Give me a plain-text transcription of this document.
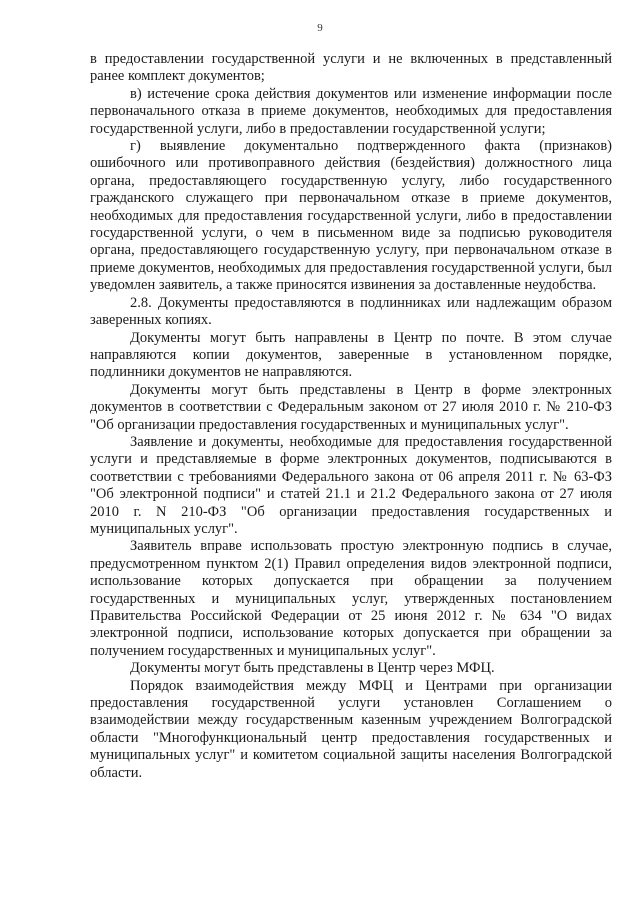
9

в предоставлении государственной услуги и не включенных в представленный ранее комплект документов;

в) истечение срока действия документов или изменение информации после первоначального отказа в приеме документов, необходимых для предоставления государственной услуги, либо в предоставлении государственной услуги;

г) выявление документально подтвержденного факта (признаков) ошибочного или противоправного действия (бездействия) должностного лица органа, предоставляющего государственную услугу, либо государственного гражданского служащего при первоначальном отказе в приеме документов, необходимых для предоставления государственной услуги, либо в предоставлении государственной услуги, о чем в письменном виде за подписью руководителя органа, предоставляющего государственную услугу, при первоначальном отказе в приеме документов, необходимых для предоставления государственной услуги, был уведомлен заявитель, а также приносятся извинения за доставленные неудобства.

2.8. Документы предоставляются в подлинниках или надлежащим образом заверенных копиях.

Документы могут быть направлены в Центр по почте. В этом случае направляются копии документов, заверенные в установленном порядке, подлинники документов не направляются.

Документы могут быть представлены в Центр в форме электронных документов в соответствии с Федеральным законом от 27 июля 2010 г. № 210-ФЗ "Об организации предоставления государственных и муниципальных услуг".

Заявление и документы, необходимые для предоставления государственной услуги и представляемые в форме электронных документов, подписываются в соответствии с требованиями Федерального закона от 06 апреля 2011 г. № 63-ФЗ "Об электронной подписи" и статей 21.1 и 21.2 Федерального закона от 27 июля 2010 г. N 210-ФЗ "Об организации предоставления государственных и муниципальных услуг".

Заявитель вправе использовать простую электронную подпись в случае, предусмотренном пунктом 2(1) Правил определения видов электронной подписи, использование которых допускается при обращении за получением государственных и муниципальных услуг, утвержденных постановлением Правительства Российской Федерации от 25 июня 2012 г. № 634 "О видах электронной подписи, использование которых допускается при обращении за получением государственных и муниципальных услуг".

Документы могут быть представлены в Центр через МФЦ.

Порядок взаимодействия между МФЦ и Центрами при организации предоставления государственной услуги установлен Соглашением о взаимодействии между государственным казенным учреждением Волгоградской области "Многофункциональный центр предоставления государственных и муниципальных услуг" и комитетом социальной защиты населения Волгоградской области.
